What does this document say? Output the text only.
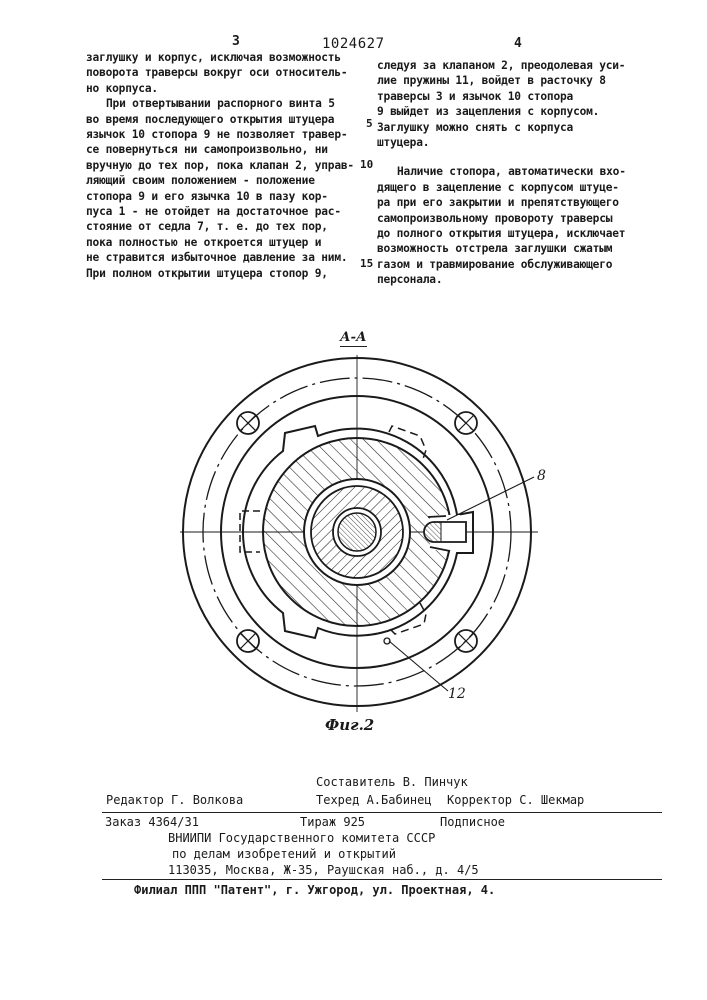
3	1024627	4

заглушку и корпус, исключая возможность

поворота траверсы вокруг оси относитель-

но корпуса.

При отвертывании распорного винта 5

во время последующего открытия штуцера

язычок 10 стопора 9 не позволяет травер-

се повернуться ни самопроизвольно, ни

вручную до тех пор, пока клапан 2, управ-

ляющий своим положением - положение

стопора 9 и его язычка 10 в пазу кор-

пуса 1 - не отойдет на достаточное рас-

стояние от седла 7, т. е. до тех пор,

пока полностью не откроется штуцер и

не стравится избыточное давление за ним.

При полном открытии штуцера стопор 9,

5
10
15

следуя за клапаном 2, преодолевая уси-

лие пружины 11, войдет в расточку 8

траверсы 3 и язычок 10 стопора

9 выйдет из зацепления с корпусом.

Заглушку можно снять с корпуса

штуцера.

Наличие стопора, автоматически вхо-

дящего в зацепление с корпусом штуце-

ра при его закрытии и препятствующего

самопроизвольному провороту траверсы

до полного открытия штуцера, исключает

возможность отстрела заглушки сжатым

газом и травмирование обслуживающего

персонала.

А-А
8
12
Фиг.2
Составитель В. Пинчук
Редактор Г. Волкова	Техред А.Бабинец Корректор С. Шекмар
Заказ 4364/31	Тираж 925	Подписное
ВНИИПИ Государственного комитета СССР
по делам изобретений и открытий
113035, Москва, Ж-35, Раушская наб., д. 4/5
Филиал ППП "Патент", г. Ужгород, ул. Проектная, 4.
